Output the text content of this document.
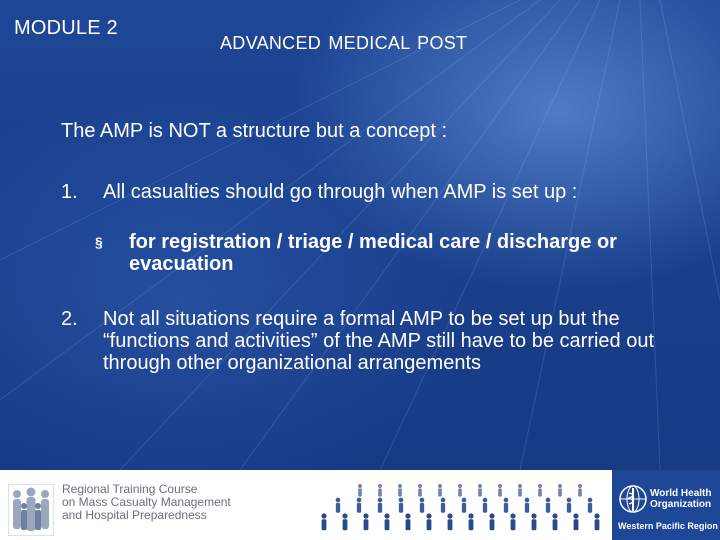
MODULE 2
ADVANCED MEDICAL POST
The AMP is NOT a structure but a concept :
1. All casualties should go through when AMP is set up :
§ for registration / triage / medical care / discharge or evacuation
2. Not all situations require a formal AMP to be set up but the “functions and activities” of the AMP still have to be carried out through other organizational arrangements
Regional Training Course
on Mass Casualty Management
and Hospital Preparedness
World Health
Organization
Western Pacific Region
